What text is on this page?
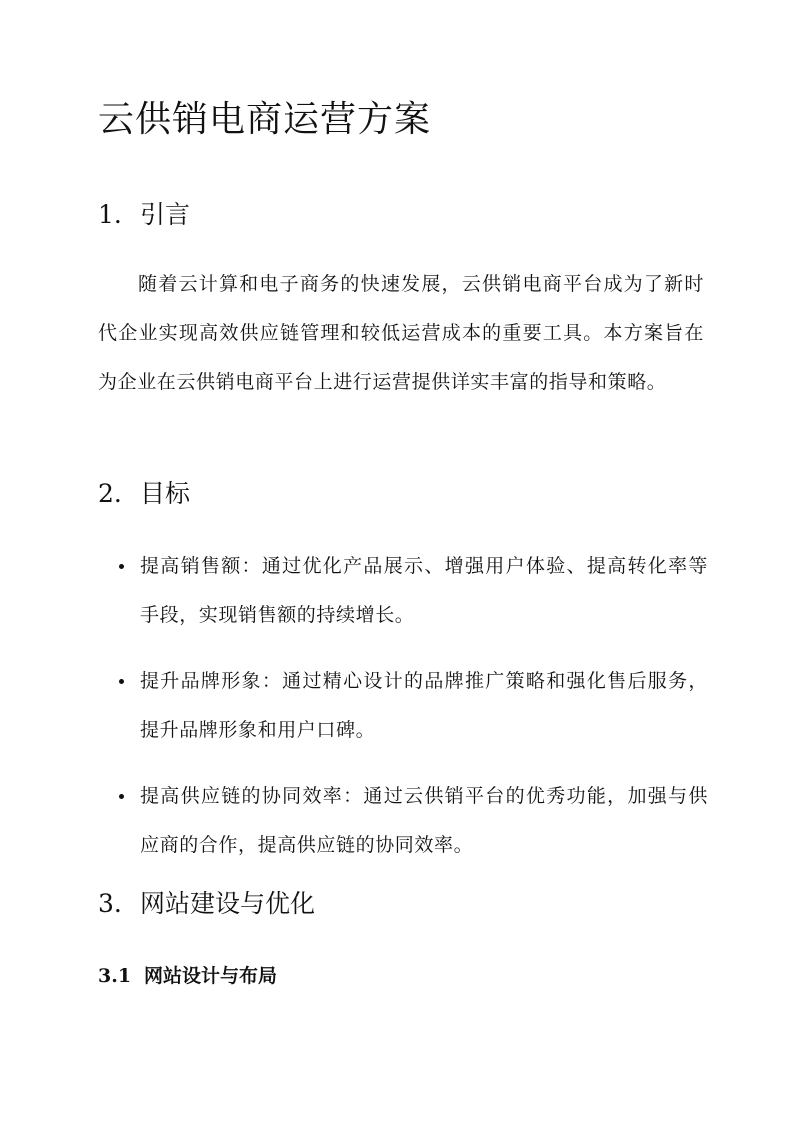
云供销电商运营方案
1. 引言

随着云计算和电子商务的快速发展，云供销电商平台成为了新时代企业实现高效供应链管理和较低运营成本的重要工具。本方案旨在为企业在云供销电商平台上进行运营提供详实丰富的指导和策略。

2. 目标
提高销售额：通过优化产品展示、增强用户体验、提高转化率等手段，实现销售额的持续增长。
提升品牌形象：通过精心设计的品牌推广策略和强化售后服务，提升品牌形象和用户口碑。
提高供应链的协同效率：通过云供销平台的优秀功能，加强与供应商的合作，提高供应链的协同效率。
3. 网站建设与优化
3.1 网站设计与布局
